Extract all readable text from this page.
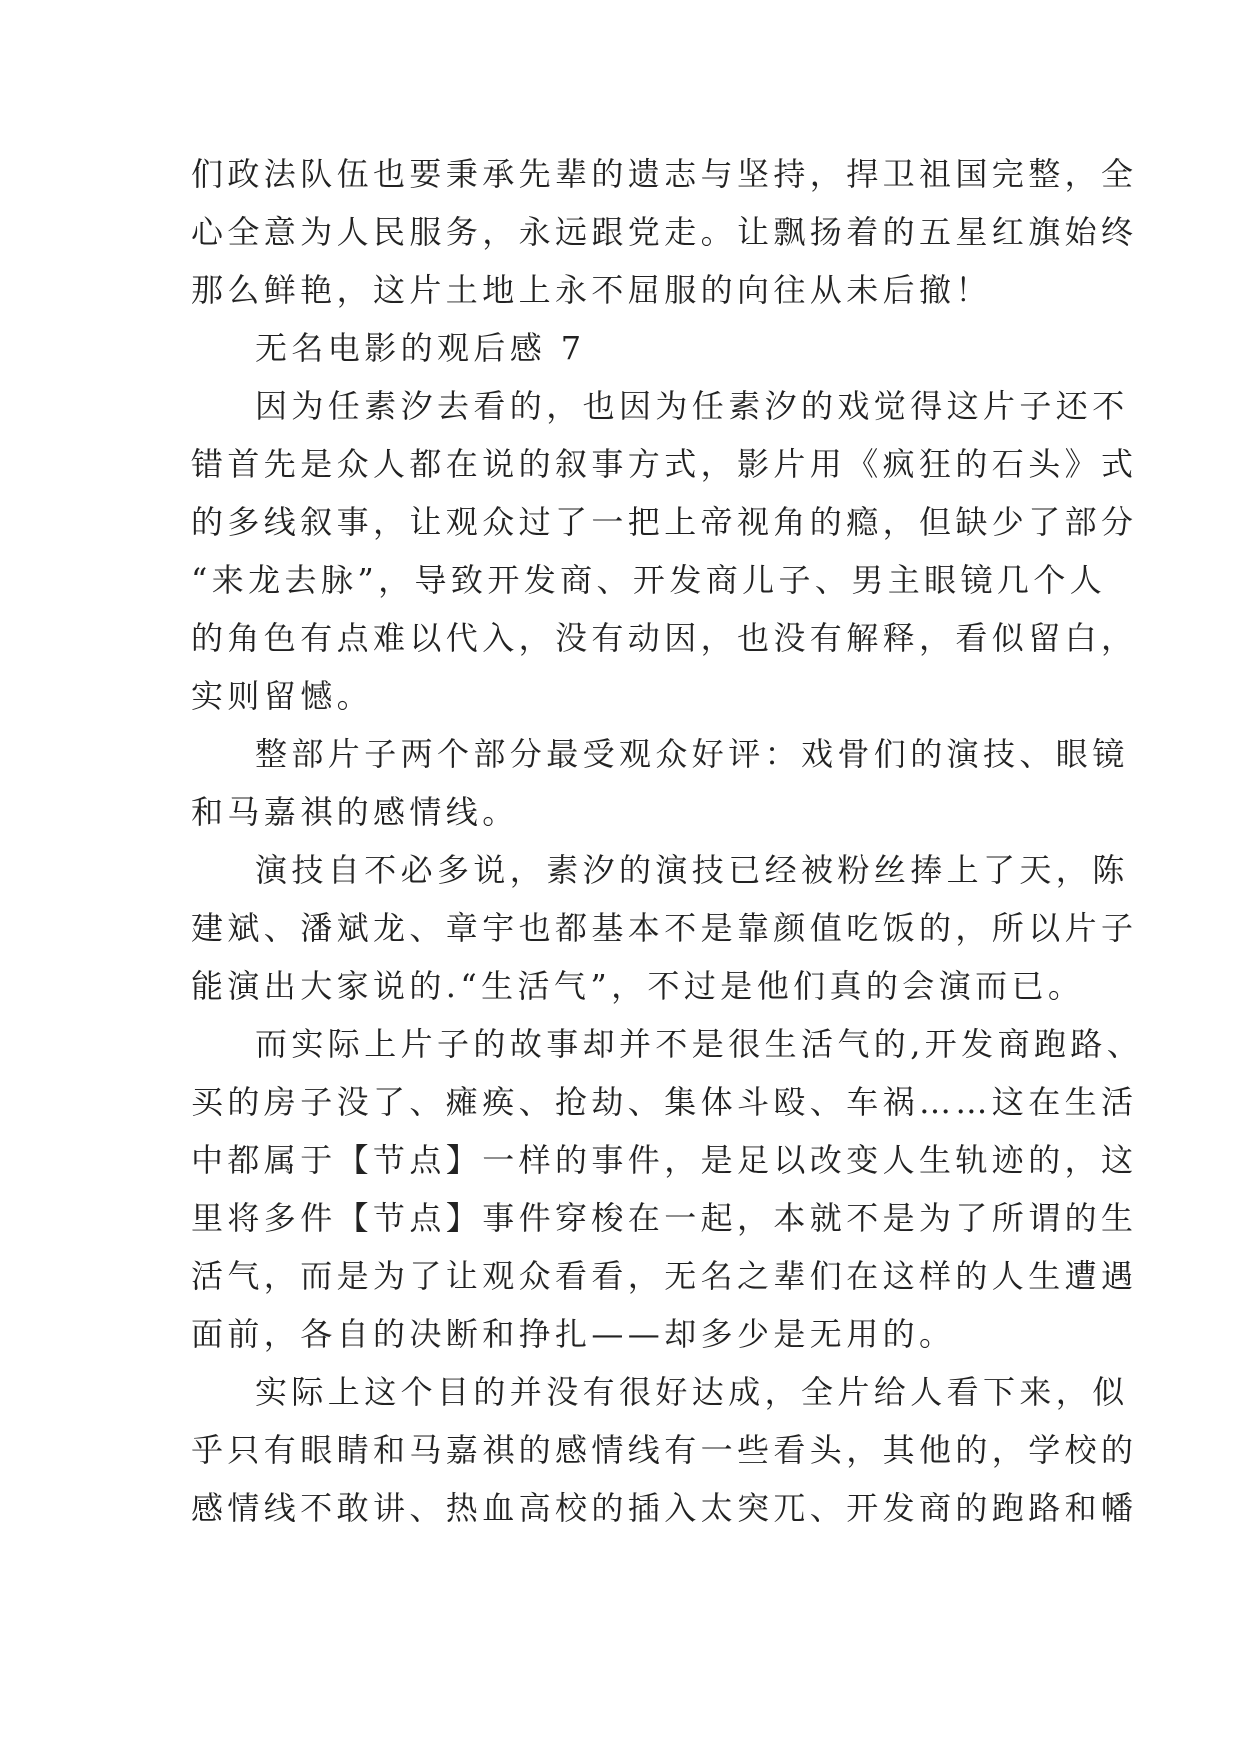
们政法队伍也要秉承先辈的遗志与坚持，捍卫祖国完整，全
心全意为人民服务，永远跟党走。让飘扬着的五星红旗始终
那么鲜艳，这片土地上永不屈服的向往从未后撤！
无名电影的观后感 7
因为任素汐去看的，也因为任素汐的戏觉得这片子还不
错首先是众人都在说的叙事方式，影片用《疯狂的石头》式
的多线叙事，让观众过了一把上帝视角的瘾，但缺少了部分
“来龙去脉”，导致开发商、开发商儿子、男主眼镜几个人
的角色有点难以代入，没有动因，也没有解释，看似留白，
实则留憾。
整部片子两个部分最受观众好评：戏骨们的演技、眼镜
和马嘉祺的感情线。
演技自不必多说，素汐的演技已经被粉丝捧上了天，陈
建斌、潘斌龙、章宇也都基本不是靠颜值吃饭的，所以片子
能演出大家说的.“生活气”，不过是他们真的会演而已。
而实际上片子的故事却并不是很生活气的,开发商跑路、
买的房子没了、瘫痪、抢劫、集体斗殴、车祸……这在生活
中都属于【节点】一样的事件，是足以改变人生轨迹的，这
里将多件【节点】事件穿梭在一起，本就不是为了所谓的生
活气，而是为了让观众看看，无名之辈们在这样的人生遭遇
面前，各自的决断和挣扎——却多少是无用的。
实际上这个目的并没有很好达成，全片给人看下来，似
乎只有眼睛和马嘉祺的感情线有一些看头，其他的，学校的
感情线不敢讲、热血高校的插入太突兀、开发商的跑路和幡
